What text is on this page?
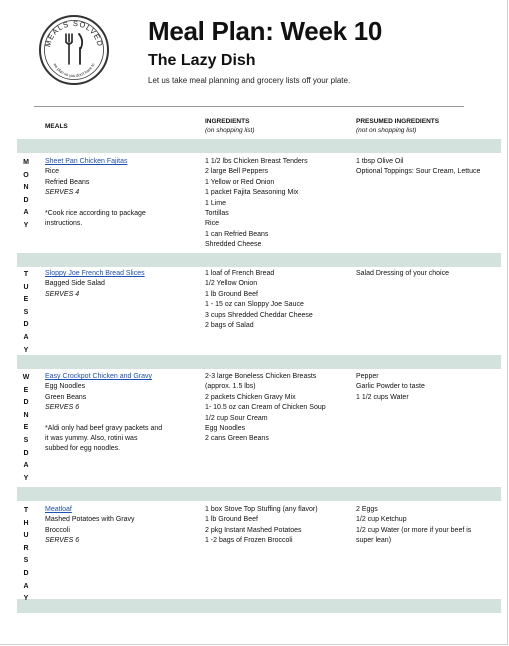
MEALS SOLVED
we plan so you don't have to
Meal Plan: Week 10
The Lazy Dish
Let us take meal planning and grocery lists off your plate.
MEALS
INGREDIENTS
(on shopping list)
PRESUMED INGREDIENTS
(not on shopping list)
M
O
N
D
A
Y
Sheet Pan Chicken Fajitas
Rice
Refried Beans
SERVES 4
*Cook rice according to package
instructions.
1 1/2 lbs Chicken Breast Tenders
2 large Bell Peppers
1 Yellow or Red Onion
1 packet Fajita Seasoning Mix
1 Lime
Tortillas
Rice
1 can Refried Beans
Shredded Cheese
1 tbsp Olive Oil
Optional Toppings: Sour Cream, Lettuce
T
U
E
S
D
A
Y
Sloppy Joe French Bread Slices
Bagged Side Salad
SERVES 4
1 loaf of French Bread
1/2 Yellow Onion
1 lb Ground Beef
1 - 15 oz can Sloppy Joe Sauce
3 cups Shredded Cheddar Cheese
2 bags of Salad
Salad Dressing of your choice
W
E
D
N
E
S
D
A
Y
Easy Crockpot Chicken and Gravy
Egg Noodles
Green Beans
SERVES 6
*Aldi only had beef gravy packets and
it was yummy. Also, rotini was
subbed for egg noodles.
2-3 large Boneless Chicken Breasts
(approx. 1.5 lbs)
2 packets Chicken Gravy Mix
1- 10.5 oz can Cream of Chicken Soup
1/2 cup Sour Cream
Egg Noodles
2 cans Green Beans
Pepper
Garlic Powder to taste
1 1/2 cups Water
T
H
U
R
S
D
A
Y
Meatloaf
Mashed Potatoes with Gravy
Broccoli
SERVES 6
1 box Stove Top Stuffing (any flavor)
1 lb Ground Beef
2 pkg Instant Mashed Potatoes
1 -2 bags of Frozen Broccoli
2 Eggs
1/2 cup Ketchup
1/2 cup Water (or more if your beef is
super lean)
